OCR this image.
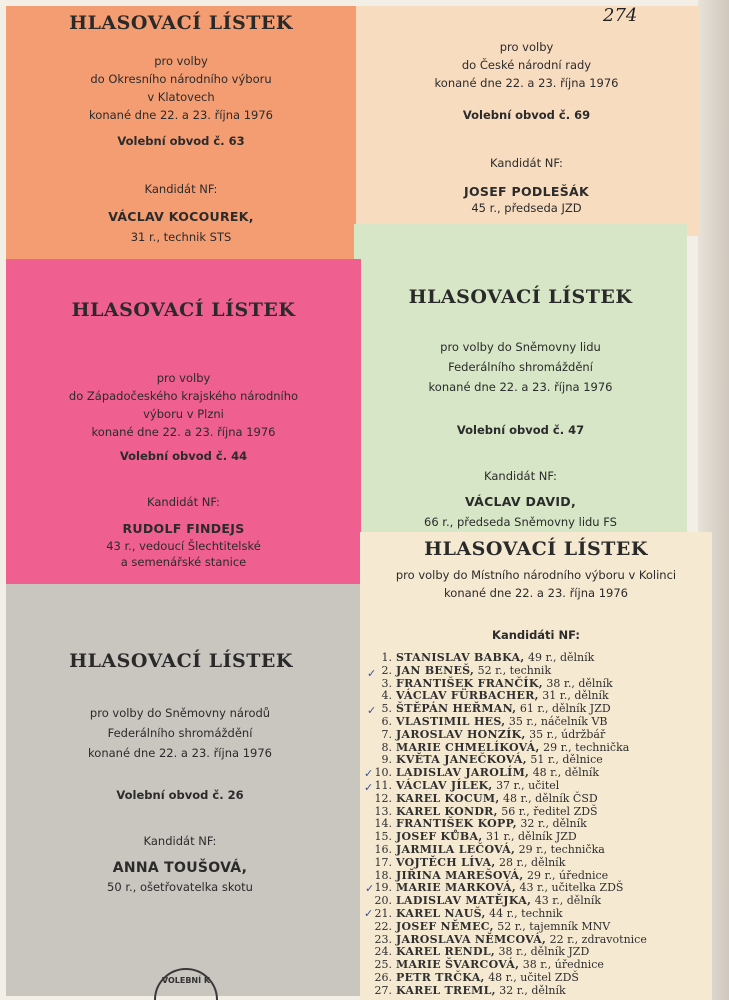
pro volby
do České národní rady
konané dne 22. a 23. října 1976
Volební obvod č. 69
Kandidát NF:
JOSEF PODLEŠÁK
45 r., předseda JZD
HLASOVACÍ LÍSTEK
pro volby
do Okresního národního výboru
v Klatovech
konané dne 22. a 23. října 1976
Volební obvod č. 63
Kandidát NF:
VÁCLAV KOCOUREK,
31 r., technik STS
HLASOVACÍ LÍSTEK
pro volby do Sněmovny lidu
Federálního shromáždění
konané dne 22. a 23. října 1976
Volební obvod č. 47
Kandidát NF:
VÁCLAV DAVID,
66 r., předseda Sněmovny lidu FS
HLASOVACÍ LÍSTEK
pro volby
do Západočeského krajského národního
výboru v Plzni
konané dne 22. a 23. října 1976
Volební obvod č. 44
Kandidát NF:
RUDOLF FINDEJS
43 r., vedoucí Šlechtitelské
a semenářské stanice
HLASOVACÍ LÍSTEK
pro volby do Sněmovny národů
Federálního shromáždění
konané dne 22. a 23. října 1976
Volební obvod č. 26
Kandidát NF:
ANNA TOUŠOVÁ,
50 r., ošetřovatelka skotu
VOLEBNÍ K
HLASOVACÍ LÍSTEK
pro volby do Místního národního výboru v Kolinci
konané dne 22. a 23. října 1976
Kandidáti NF:
1. STANISLAV BABKA, 49 r., dělník
2. JAN BENEŠ, 52 r., technik
3. FRANTIŠEK FRANČÍK, 38 r., dělník
4. VÁCLAV FÜRBACHER, 31 r., dělník
5. ŠTĚPÁN HEŘMAN, 61 r., dělník JZD
6. VLASTIMIL HES, 35 r., náčelník VB
7. JAROSLAV HONZÍK, 35 r., údržbář
8. MARIE CHMELÍKOVÁ, 29 r., technička
9. KVĚTA JANEČKOVÁ, 51 r., dělnice
10. LADISLAV JAROLÍM, 48 r., dělník
11. VÁCLAV JÍLEK, 37 r., učitel
12. KAREL KOCUM, 48 r., dělník ČSD
13. KAREL KONDR, 56 r., ředitel ZDŠ
14. FRANTIŠEK KOPP, 32 r., dělník
15. JOSEF KŮBA, 31 r., dělník JZD
16. JARMILA LEČOVÁ, 29 r., technička
17. VOJTĚCH LÍVA, 28 r., dělník
18. JIŘINA MAREŠOVÁ, 29 r., úřednice
19. MARIE MARKOVÁ, 43 r., učitelka ZDŠ
20. LADISLAV MATĚJKA, 43 r., dělník
21. KAREL NAUŠ, 44 r., technik
22. JOSEF NĚMEC, 52 r., tajemník MNV
23. JAROSLAVA NĚMCOVÁ, 22 r., zdravotnice
24. KAREL RENDL, 38 r., dělník JZD
25. MARIE ŠVARCOVÁ, 38 r., úřednice
26. PETR TRČKA, 48 r., učitel ZDŠ
27. KAREL TREML, 32 r., dělník
✓
✓
✓
✓
✓
✓
274
